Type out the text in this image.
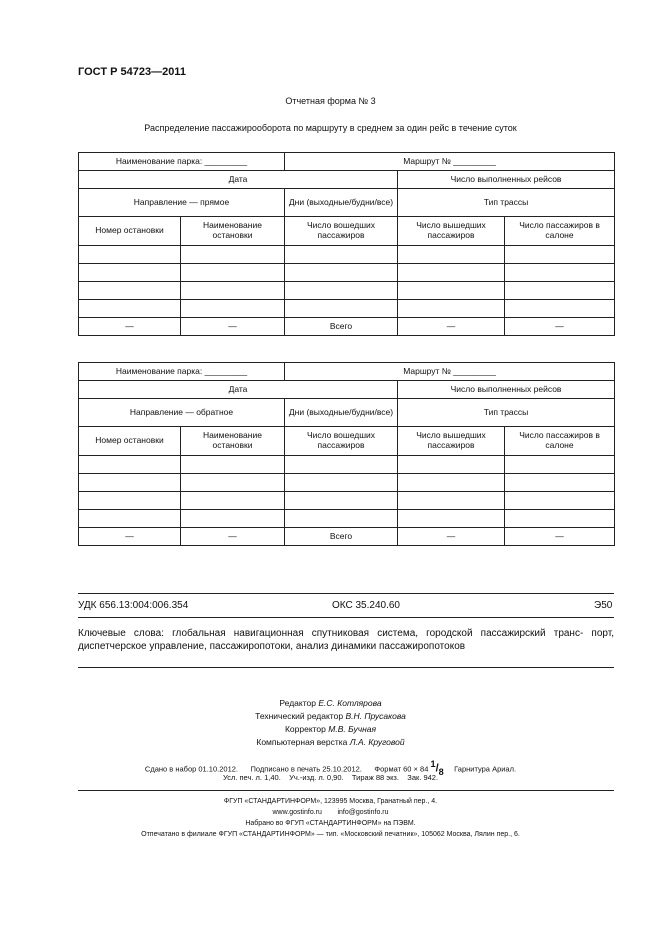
ГОСТ Р 54723—2011
Отчетная форма № 3
Распределение пассажирооборота по маршруту в среднем за один рейс в течение суток
Наименование парка: _________		Маршрут № _________		
Дата			Число выполненных рейсов	
Направление — прямое		Дни (выходные/будни/все)	Тип трассы	
Номер остановки	Наименование остановки	Число вошедших пассажиров	Число вышедших пассажиров	Число пассажиров в салоне

—	—	Всего	—	—
Наименование парка: _________		Маршрут № _________		
Дата			Число выполненных рейсов	
Направление — обратное		Дни (выходные/будни/все)	Тип трассы	
Номер остановки	Наименование остановки	Число вошедших пассажиров	Число вышедших пассажиров	Число пассажиров в салоне

—	—	Всего	—	—
УДК 656.13:004:006.354	ОКС 35.240.60	Э50
Ключевые слова: глобальная навигационная спутниковая система, городской пассажирский транс- порт, диспетчерское управление, пассажиропотоки, анализ динамики пассажиропотоков
Редактор Е.С. Котлярова
Технический редактор В.Н. Прусакова
Корректор М.В. Бучная
Компьютерная верстка Л.А. Круговой
Сдано в набор 01.10.2012. Подписано в печать 25.10.2012. Формат 60 × 84 $^1/_8$ Гарнитура Ариал.
Усл. печ. л. 1,40.    Уч.-изд. л. 0,90.    Тираж 88 экз.    Зак. 942.
ФГУП «СТАНДАРТИНФОРМ», 123995 Москва, Гранатный пер., 4.
www.gostinfo.ru        info@gostinfo.ru
Набрано во ФГУП «СТАНДАРТИНФОРМ» на ПЭВМ.
Отпечатано в филиале ФГУП «СТАНДАРТИНФОРМ» — тип. «Московский печатник», 105062 Москва, Лялин пер., 6.
